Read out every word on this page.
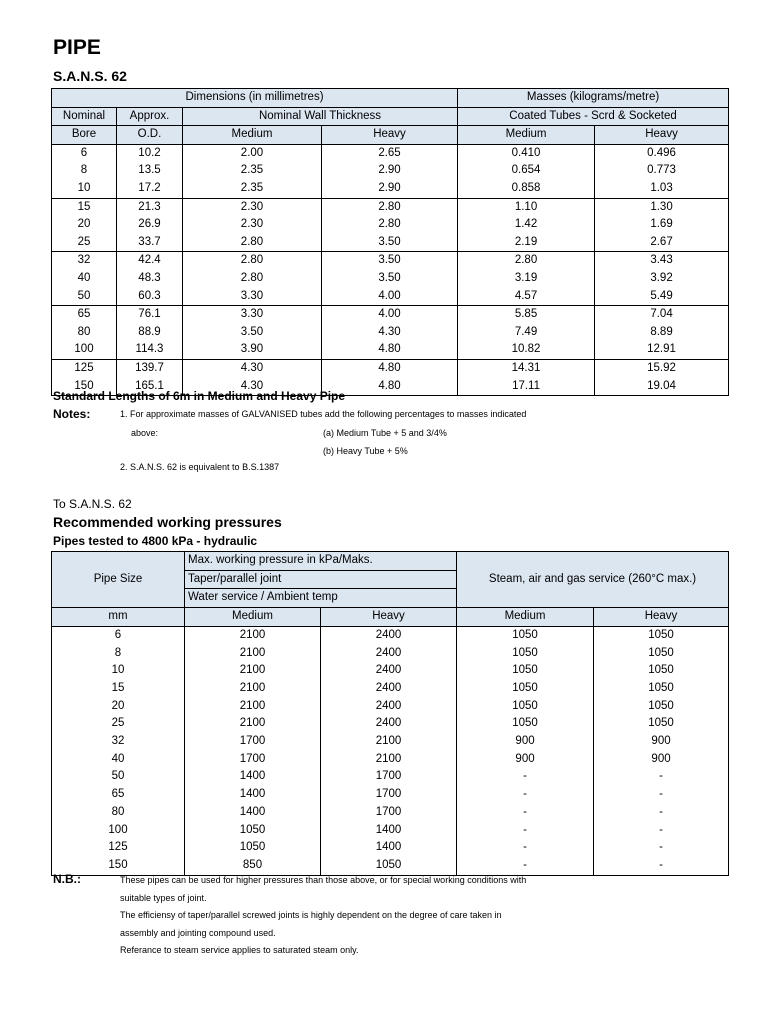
PIPE
S.A.N.S. 62
Dimensions (in millimetres)				Masses (kilograms/metre)	
Nominal	Approx.	Nominal Wall Thickness		Coated Tubes - Scrd & Socketed	
Bore	O.D.	Medium	Heavy	Medium	Heavy
6	10.2	2.00	2.65	0.410	0.496
8	13.5	2.35	2.90	0.654	0.773
10	17.2	2.35	2.90	0.858	1.03
15	21.3	2.30	2.80	1.10	1.30
20	26.9	2.30	2.80	1.42	1.69
25	33.7	2.80	3.50	2.19	2.67
32	42.4	2.80	3.50	2.80	3.43
40	48.3	2.80	3.50	3.19	3.92
50	60.3	3.30	4.00	4.57	5.49
65	76.1	3.30	4.00	5.85	7.04
80	88.9	3.50	4.30	7.49	8.89
100	114.3	3.90	4.80	10.82	12.91
125	139.7	4.30	4.80	14.31	15.92
150	165.1	4.30	4.80	17.11	19.04
Standard Lengths of 6m in Medium and Heavy Pipe
Notes:	1. For approximate masses of GALVANISED tubes add the following percentages to masses indicated
above:	(a) Medium Tube + 5 and 3/4%
(b) Heavy Tube + 5%
2. S.A.N.S. 62 is equivalent to B.S.1387
To S.A.N.S. 62
Recommended working pressures
Pipes tested to 4800 kPa - hydraulic
Pipe Size	Max. working pressure in kPa/Maks.		Steam, air and gas service (260°C max.)	
	Taper/parallel joint			
	Water service / Ambient temp			
mm	Medium	Heavy	Medium	Heavy
6	2100	2400	1050	1050
8	2100	2400	1050	1050
10	2100	2400	1050	1050
15	2100	2400	1050	1050
20	2100	2400	1050	1050
25	2100	2400	1050	1050
32	1700	2100	900	900
40	1700	2100	900	900
50	1400	1700	-	-
65	1400	1700	-	-
80	1400	1700	-	-
100	1050	1400	-	-
125	1050	1400	-	-
150	850	1050	-	-
N.B.:	These pipes can be used for higher pressures than those above, or for special working conditions with
suitable types of joint.
The efficiensy of taper/parallel screwed joints is highly dependent on the degree of care taken in
assembly and jointing compound used.
Referance to steam service applies to saturated steam only.
